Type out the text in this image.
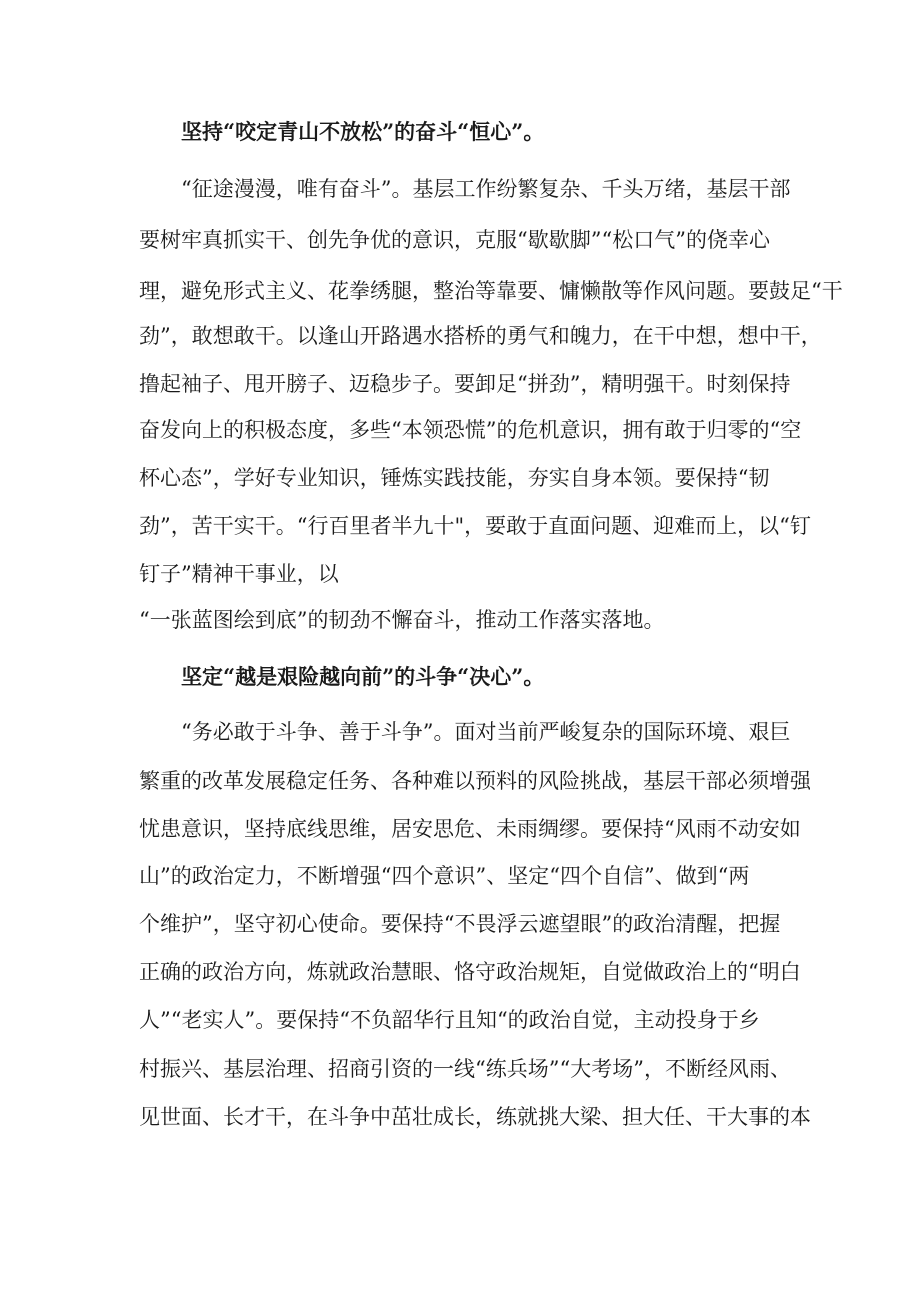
坚持“咬定青山不放松”的奋斗“恒心”。
“征途漫漫，唯有奋斗”。基层工作纷繁复杂、千头万绪，基层干部
要树牢真抓实干、创先争优的意识，克服“歇歇脚”“松口气”的侥幸心
理，避免形式主义、花拳绣腿，整治等靠要、慵懒散等作风问题。要鼓足“干
劲”，敢想敢干。以逢山开路遇水搭桥的勇气和魄力，在干中想，想中干，
撸起袖子、甩开膀子、迈稳步子。要卸足“拼劲”，精明强干。时刻保持
奋发向上的积极态度，多些“本领恐慌”的危机意识，拥有敢于归零的“空
杯心态”，学好专业知识，锤炼实践技能，夯实自身本领。要保持“韧
劲”，苦干实干。“行百里者半九十"，要敢于直面问题、迎难而上，以“钉
钉子”精神干事业，以
“一张蓝图绘到底”的韧劲不懈奋斗，推动工作落实落地。
坚定“越是艰险越向前”的斗争“决心”。
“务必敢于斗争、善于斗争”。面对当前严峻复杂的国际环境、艰巨
繁重的改革发展稳定任务、各种难以预料的风险挑战，基层干部必须增强
忧患意识，坚持底线思维，居安思危、未雨绸缪。要保持“风雨不动安如
山”的政治定力，不断增强“四个意识”、坚定“四个自信”、做到“两
个维护”，坚守初心使命。要保持“不畏浮云遮望眼”的政治清醒，把握
正确的政治方向，炼就政治慧眼、恪守政治规矩，自觉做政治上的“明白
人”“老实人”。要保持“不负韶华行且知“的政治自觉，主动投身于乡
村振兴、基层治理、招商引资的一线“练兵场”“大考场”，不断经风雨、
见世面、长才干，在斗争中茁壮成长，练就挑大梁、担大任、干大事的本
